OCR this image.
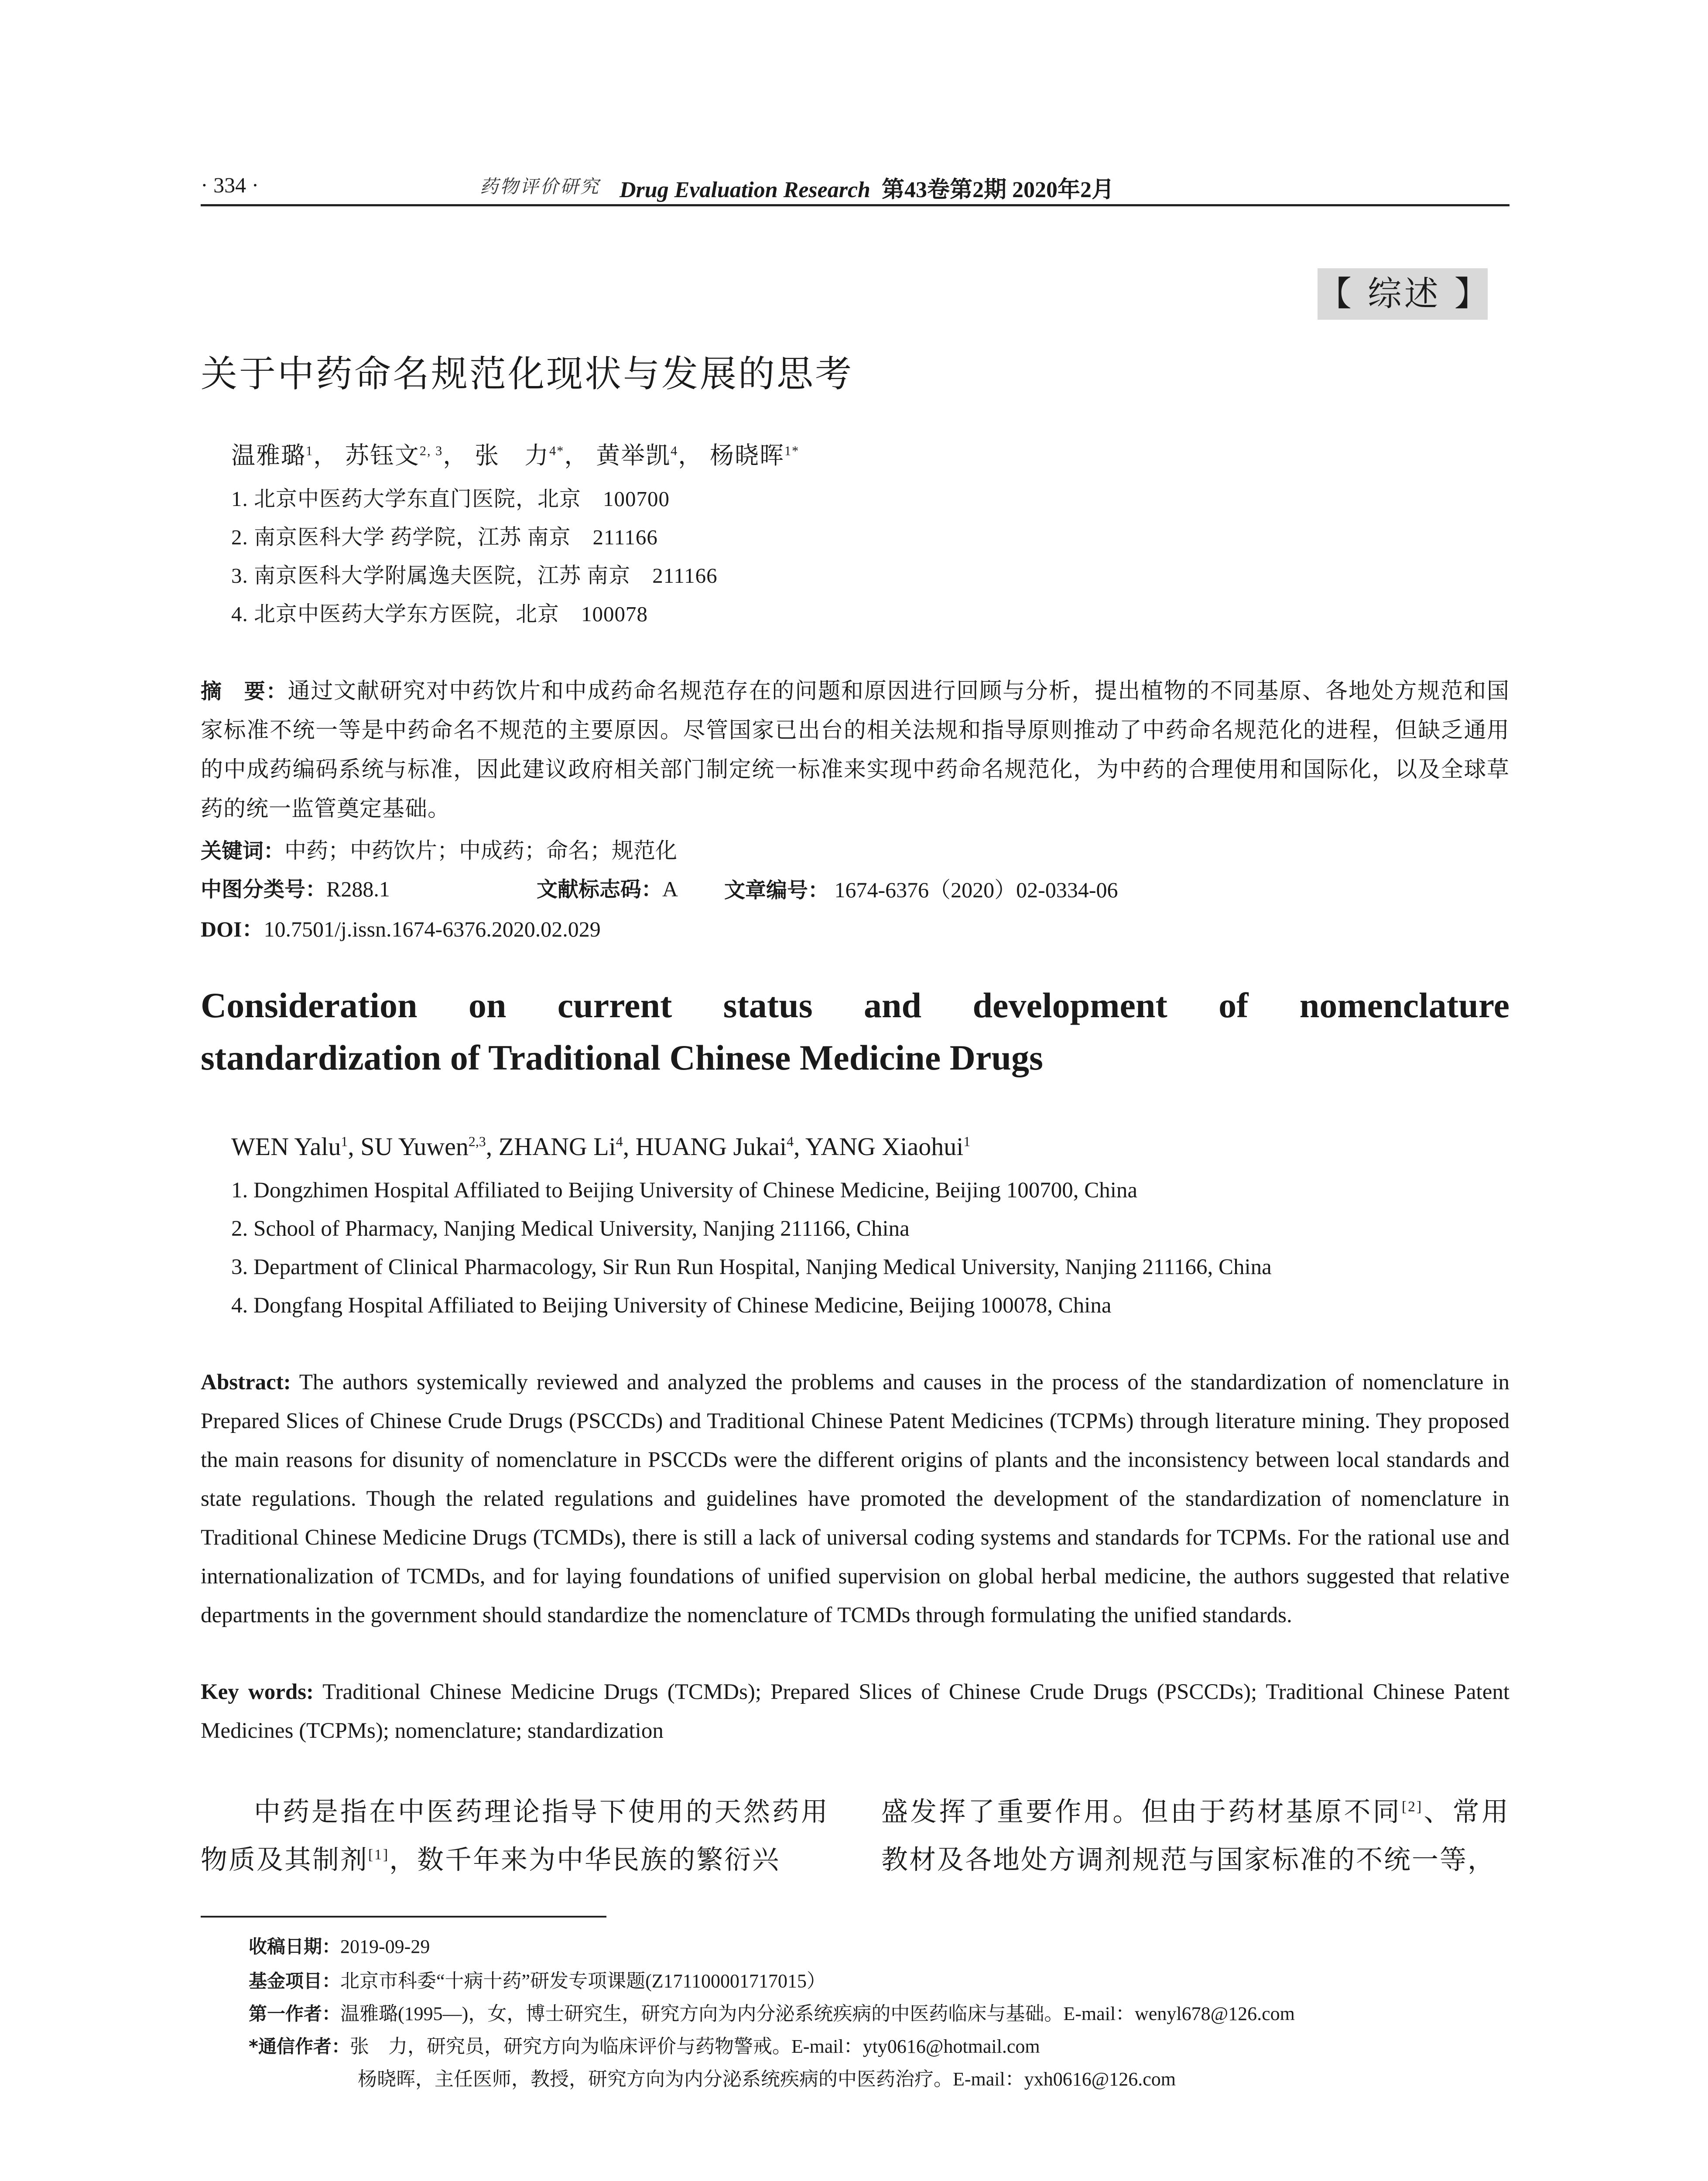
· 334 ·	药物评价研究 Drug Evaluation Research 第43卷第2期 2020年2月
【 综述 】
关于中药命名规范化现状与发展的思考
温雅璐$^1$， 苏钰文$^{2, 3}$， 张　力$^{4*}$， 黄举凯$^4$， 杨晓晖$^{1*}$
1. 北京中医药大学东直门医院，北京　100700
2. 南京医科大学 药学院，江苏 南京　211166
3. 南京医科大学附属逸夫医院，江苏 南京　211166
4. 北京中医药大学东方医院，北京　100078
摘　要：通过文献研究对中药饮片和中成药命名规范存在的问题和原因进行回顾与分析，提出植物的不同基原、各地处方规范和国家标准不统一等是中药命名不规范的主要原因。尽管国家已出台的相关法规和指导原则推动了中药命名规范化的进程，但缺乏通用的中成药编码系统与标准，因此建议政府相关部门制定统一标准来实现中药命名规范化，为中药的合理使用和国际化，以及全球草药的统一监管奠定基础。
关键词：中药；中药饮片；中成药；命名；规范化
中图分类号：R288.1	文献标志码：A 文章编号： 1674-6376（2020）02-0334-06
DOI：10.7501/j.issn.1674-6376.2020.02.029
Consideration on current status and development of nomenclature
standardization of Traditional Chinese Medicine Drugs
WEN Yalu$^1$, SU Yuwen$^{2,3}$, ZHANG Li$^4$, HUANG Jukai$^4$, YANG Xiaohui$^1$
1. Dongzhimen Hospital Affiliated to Beijing University of Chinese Medicine, Beijing 100700, China
2. School of Pharmacy, Nanjing Medical University, Nanjing 211166, China
3. Department of Clinical Pharmacology, Sir Run Run Hospital, Nanjing Medical University, Nanjing 211166, China
4. Dongfang Hospital Affiliated to Beijing University of Chinese Medicine, Beijing 100078, China
Abstract: The authors systemically reviewed and analyzed the problems and causes in the process of the standardization of nomenclature in Prepared Slices of Chinese Crude Drugs (PSCCDs) and Traditional Chinese Patent Medicines (TCPMs) through literature mining. They proposed the main reasons for disunity of nomenclature in PSCCDs were the different origins of plants and the inconsistency between local standards and state regulations. Though the related regulations and guidelines have promoted the development of the standardization of nomenclature in Traditional Chinese Medicine Drugs (TCMDs), there is still a lack of universal coding systems and standards for TCPMs. For the rational use and internationalization of TCMDs, and for laying foundations of unified supervision on global herbal medicine, the authors suggested that relative departments in the government should standardize the nomenclature of TCMDs through formulating the unified standards.
Key words: Traditional Chinese Medicine Drugs (TCMDs); Prepared Slices of Chinese Crude Drugs (PSCCDs); Traditional Chinese Patent Medicines (TCPMs); nomenclature; standardization
中药是指在中医药理论指导下使用的天然药用物质及其制剂[1]，数千年来为中华民族的繁衍兴
盛发挥了重要作用。但由于药材基原不同[2]、常用教材及各地处方调剂规范与国家标准的不统一等，
收稿日期：2019-09-29
基金项目：北京市科委“十病十药”研发专项课题(Z171100001717015）
第一作者：温雅璐(1995—)，女，博士研究生，研究方向为内分泌系统疾病的中医药临床与基础。E-mail：wenyl678@126.com
*通信作者：张　力，研究员，研究方向为临床评价与药物警戒。E-mail：yty0616@hotmail.com
杨晓晖，主任医师，教授，研究方向为内分泌系统疾病的中医药治疗。E-mail：yxh0616@126.com
